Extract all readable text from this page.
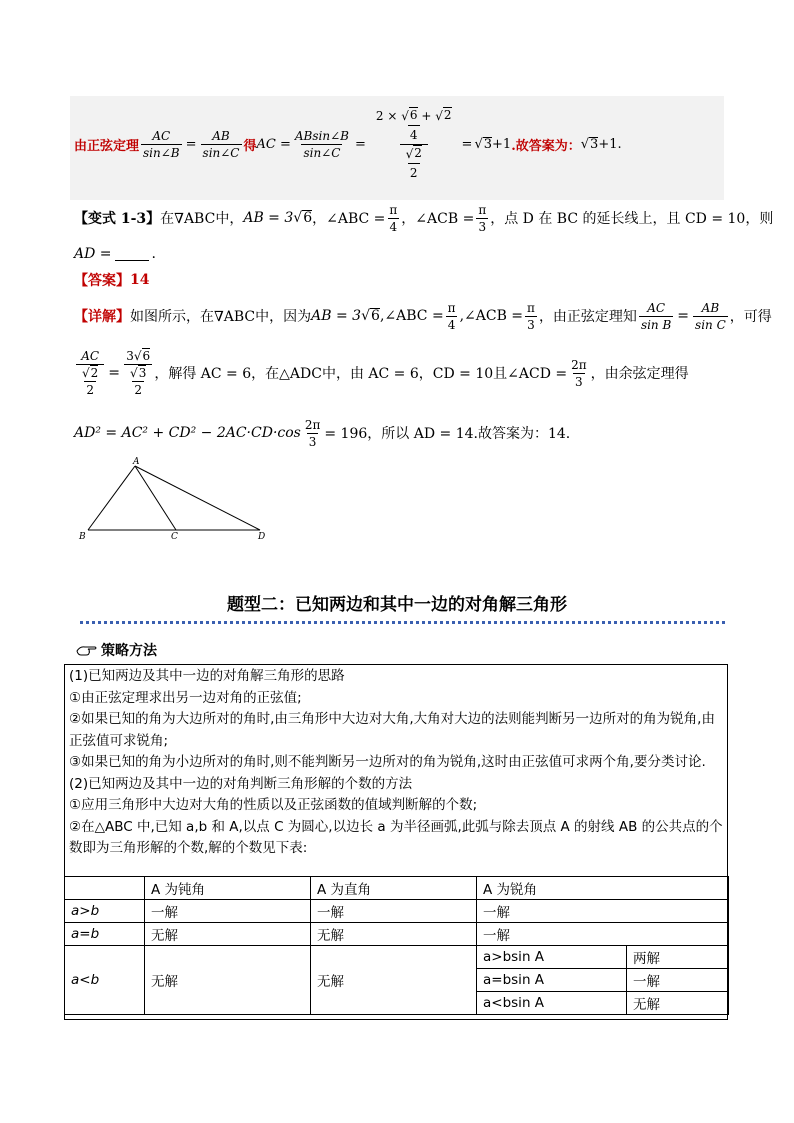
由正弦定理 $\frac{AC}{\sin\angle B} = \frac{AB}{\sin\angle C}$ 得 AC = $\frac{ABsin\angle B}{\sin\angle C} = \frac{\frac{2 \times √ 6 + √ 2}{4}}{\frac{√ 2}{2}}$ = √ 3 +1 .故答案为： √ 3 +1.
【变式 1-3】 在∇ABC中， AB = 3 √ 6 ，∠ABC = $\frac{\pi}{4}$ ，∠ACB = $\frac{\pi}{3}$ ，点 D 在 BC 的延长线上，且 CD = 10，则
AD =	.
【答案】 14
【详解】 如图所示，在∇ABC中，因为 AB = 3 √ 6 ,∠ABC = $\frac{\pi}{4}$ ,∠ACB = $\frac{\pi}{3}$ ，由正弦定理知 $\frac{AC}{\text{sin B}} = \frac{AB}{\text{sin C}}$ ，可得
$\frac{AC}{\frac{√ 2}{2}} = \frac{3√ 6}{\frac{√ 3}{2}}$ ，解得 AC = 6，在△ADC中，由 AC = 6，CD = 10且∠ACD = $\frac{2\pi}{3}$ ，由余弦定理得
$AD^2 = AC^2 + CD^2 - 2AC\cdot CD\cdot\cos \frac{2\pi}{3} = 196$，所以 AD = 14.故答案为：14.
A
B	C	D
题型二：已知两边和其中一边的对角解三角形
策略方法

(1)已知两边及其中一边的对角解三角形的思路

①由正弦定理求出另一边对角的正弦值;

②如果已知的角为大边所对的角时,由三角形中大边对大角,大角对大边的法则能判断另一边所对的角为锐角,由正弦值可求锐角;

③如果已知的角为小边所对的角时,则不能判断另一边所对的角为锐角,这时由正弦值可求两个角,要分类讨论.

(2)已知两边及其中一边的对角判断三角形解的个数的方法

①应用三角形中大边对大角的性质以及正弦函数的值域判断解的个数;

②在△ABC 中,已知 a,b 和 A,以点 C 为圆心,以边长 a 为半径画弧,此弧与除去顶点 A 的射线 AB 的公共点的个数即为三角形解的个数,解的个数见下表:

	A 为钝角	A 为直角	A 为锐角	
a>b	一解	一解	一解	
a=b	无解	无解	一解	
a<b	无解	无解	a>bsin A	两解
			a=bsin A	一解
			a<bsin A	无解
